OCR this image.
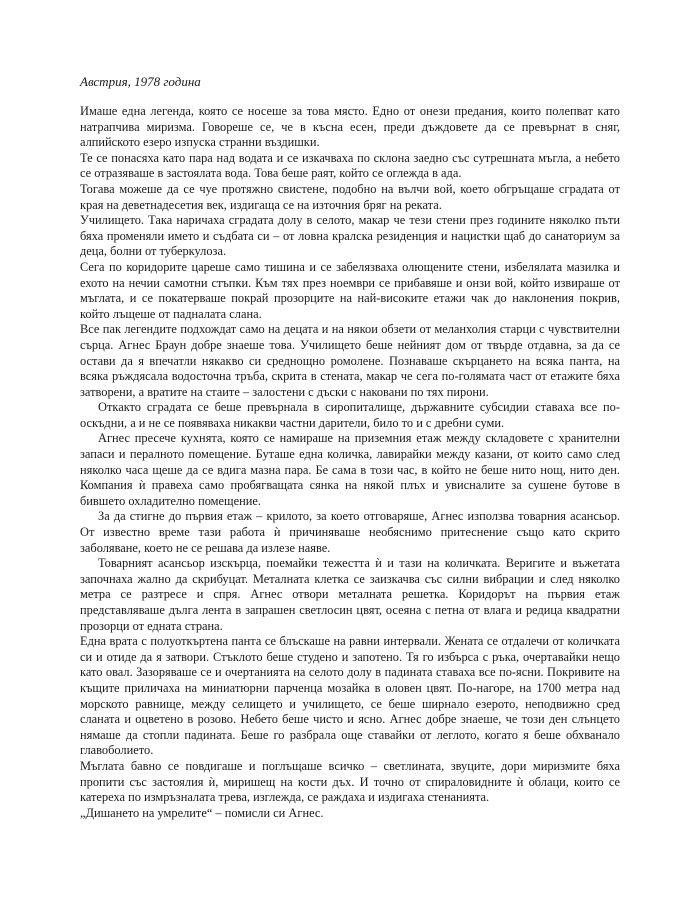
Австрия, 1978 година

Имаше една легенда, която се носеше за това място. Едно от онези предания, които полепват като натрапчива миризма. Говореше се, че в късна есен, преди дъждовете да се превърнат в сняг, алпийското езеро изпуска странни въздишки.

Те се понасяха като пара над водата и се изкачваха по склона заедно със сутрешната мъгла, а небето се отразяваше в застоялата вода. Това беше раят, който се оглежда в ада.

Тогава можеше да се чуе протяжно свистене, подобно на вълчи вой, което обгръщаше сградата от края на деветнадесетия век, издигаща се на източния бряг на реката.

Училището. Така наричаха сградата долу в селото, макар че тези стени през годините няколко пъти бяха променяли името и съдбата си – от ловна кралска резиденция и нацистки щаб до санаториум за деца, болни от туберкулоза.

Сега по коридорите цареше само тишина и се забелязваха олющените стени, избелялата мазилка и ехото на нечии самотни стъпки. Към тях през ноември се прибавяше и онзи вой, който извираше от мъглата, и се покатерваше покрай прозорците на най-високите етажи чак до наклонения покрив, който лъщеше от падналата слана.

Все пак легендите подхождат само на децата и на някои обзети от меланхолия старци с чувствителни сърца. Агнес Браун добре знаеше това. Училището беше нейният дом от твърде отдавна, за да се остави да я впечатли някакво си среднощно ромолене. Познаваше скърцането на всяка панта, на всяка ръждясала водосточна тръба, скрита в стената, макар че сега по-голямата част от етажите бяха затворени, а вратите на стаите – залостени с дъски с наковани по тях пирони.

Откакто сградата се беше превърнала в сиропиталище, държавните субсидии ставаха все по-оскъдни, а и не се появяваха никакви частни дарители, било то и с дребни суми.

Агнес пресече кухнята, която се намираше на приземния етаж между складовете с хранителни запаси и пералното помещение. Буташе една количка, лавирайки между казани, от които само след няколко часа щеше да се вдига мазна пара. Бе сама в този час, в който не беше нито нощ, нито ден. Компания ѝ правеха само пробягващата сянка на някой плъх и увисналите за сушене бутове в бившето охладително помещение.

За да стигне до първия етаж – крилото, за което отговаряше, Агнес използва товарния асансьор. От известно време тази работа ѝ причиняваше необяснимо притеснение също като скрито заболяване, което не се решава да излезе наяве.

Товарният асансьор изскърца, поемайки тежестта ѝ и тази на количката. Веригите и въжетата започнаха жално да скрибуцат. Металната клетка се заизкачва със силни вибрации и след няколко метра се разтресе и спря. Агнес отвори металната решетка. Коридорът на първия етаж представляваше дълга лента в запрашен светлосин цвят, осеяна с петна от влага и редица квадратни прозорци от едната страна.

Една врата с полуоткъртена панта се блъскаше на равни интервали. Жената се отдалечи от количката си и отиде да я затвори. Стъклото беше студено и запотено. Тя го избърса с ръка, очертавайки нещо като овал. Зазоряваше се и очертанията на селото долу в падината ставаха все по-ясни. Покривите на къщите приличаха на миниатюрни парченца мозайка в оловен цвят. По-нагоре, на 1700 метра над морското равнище, между селището и училището, се беше ширнало езерото, неподвижно сред сланата и оцветено в розово. Небето беше чисто и ясно. Агнес добре знаеше, че този ден слънцето нямаше да стопли падината. Беше го разбрала още ставайки от леглото, когато я беше обхванало главоболието.

Мъглата бавно се повдигаше и поглъщаше всичко – светлината, звуците, дори миризмите бяха пропити със застоялия ѝ, миришещ на кости дъх. И точно от спираловидните ѝ облаци, които се катереха по измръзналата трева, изглежда, се раждаха и издигаха стенанията.

„Дишането на умрелите“ – помисли си Агнес.
